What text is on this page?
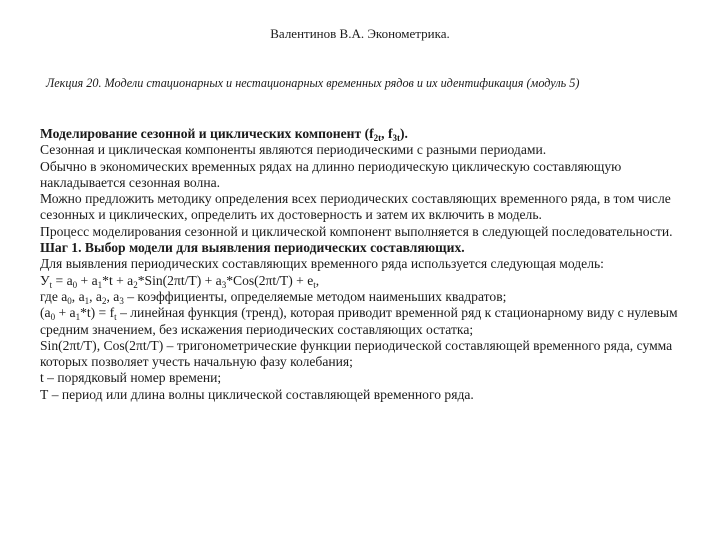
Валентинов В.А. Эконометрика.
Лекция 20. Модели стационарных и нестационарных временных рядов и их идентификация (модуль 5)

Моделирование сезонной и циклических компонент ($f_{2t}$, $f_{3t}$).

Сезонная и циклическая компоненты являются периодическими с разными периодами.

Обычно в экономических временных рядах на длинно периодическую циклическую составляющую накладывается сезонная волна.

Можно предложить методику определения всех периодических составляющих временного ряда, в том числе сезонных и циклических, определить их достоверность и затем их включить в модель.

Процесс моделирования сезонной и циклической компонент выполняется в следующей последовательности.

Шаг 1. Выбор модели для выявления периодических составляющих.

Для выявления периодических составляющих временного ряда используется следующая модель:

$У_t = a_0 + a_1*t + a_2*Sin(2\pi t/T) + a_3*Cos(2\pi t/T) + e_t$,

где $a_0$, $a_1$, $a_2$, $a_3$ – коэффициенты, определяемые методом наименьших квадратов;

$(a_0 + a_1*t) = f_t$ – линейная функция (тренд), которая приводит временной ряд к стационарному виду с нулевым средним значением, без искажения периодических составляющих остатка;

Sin(2πt/T), Cos(2πt/T) – тригонометрические функции периодической составляющей временного ряда, сумма которых позволяет учесть начальную фазу колебания;

t – порядковый номер времени;

Т – период или длина волны циклической составляющей временного ряда.
